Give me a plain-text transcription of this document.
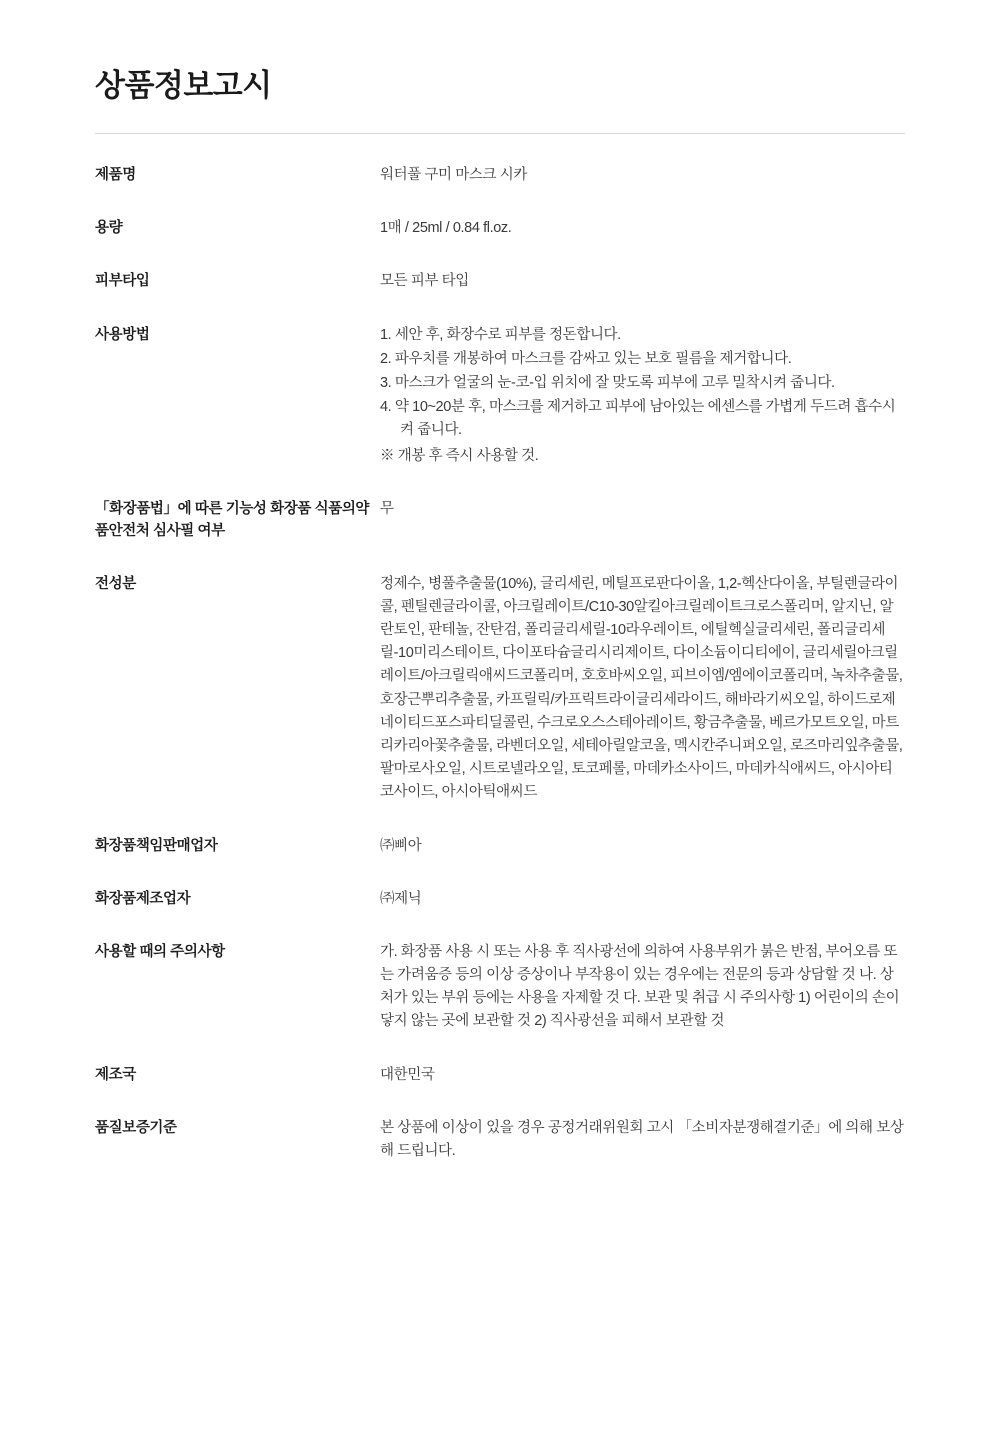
상품정보고시
제품명	워터풀 구미 마스크 시카
용량	1매 / 25ml / 0.84 fl.oz.
피부타입	모든 피부 타입
사용방법	1. 세안 후, 화장수로 피부를 정돈합니다.
2. 파우치를 개봉하여 마스크를 감싸고 있는 보호 필름을 제거합니다.
3. 마스크가 얼굴의 눈-코-입 위치에 잘 맞도록 피부에 고루 밀착시켜 줍니다.
4. 약 10~20분 후, 마스크를 제거하고 피부에 남아있는 에센스를 가볍게 두드려 흡수시켜 줍니다.
※ 개봉 후 즉시 사용할 것.

「화장품법」에 따른 기능성 화장품 식품의약품안전처 심사필 여부	무
전성분	정제수, 병풀추출물(10%), 글리세린, 메틸프로판다이올, 1,2-헥산다이올, 부틸렌글라이콜, 펜틸렌글라이콜, 아크릴레이트/C10-30알킬아크릴레이트크로스폴리머, 알지닌, 알란토인, 판테놀, 잔탄검, 폴리글리세릴-10라우레이트, 에틸헥실글리세린, 폴리글리세릴-10미리스테이트, 다이포타슘글리시리제이트, 다이소듐이디티에이, 글리세릴아크릴레이트/아크릴릭애씨드코폴리머, 호호바씨오일, 피브이엠/엠에이코폴리머, 녹차추출물, 호장근뿌리추출물, 카프릴릭/카프릭트라이글리세라이드, 해바라기씨오일, 하이드로제네이티드포스파티딜콜린, 수크로오스스테아레이트, 황금추출물, 베르가모트오일, 마트리카리아꽃추출물, 라벤더오일, 세테아릴알코올, 멕시칸주니퍼오일, 로즈마리잎추출물, 팔마로사오일, 시트로넬라오일, 토코페롤, 마데카소사이드, 마데카식애씨드, 아시아티코사이드, 아시아틱애씨드
화장품책임판매업자	㈜삐아
화장품제조업자	㈜제닉
사용할 때의 주의사항	가. 화장품 사용 시 또는 사용 후 직사광선에 의하여 사용부위가 붉은 반점, 부어오름 또는 가려움증 등의 이상 증상이나 부작용이 있는 경우에는 전문의 등과 상담할 것 나. 상처가 있는 부위 등에는 사용을 자제할 것 다. 보관 및 취급 시 주의사항 1) 어린이의 손이 닿지 않는 곳에 보관할 것 2) 직사광선을 피해서 보관할 것
제조국	대한민국
품질보증기준	본 상품에 이상이 있을 경우 공정거래위원회 고시 「소비자분쟁해결기준」에 의해 보상해 드립니다.
